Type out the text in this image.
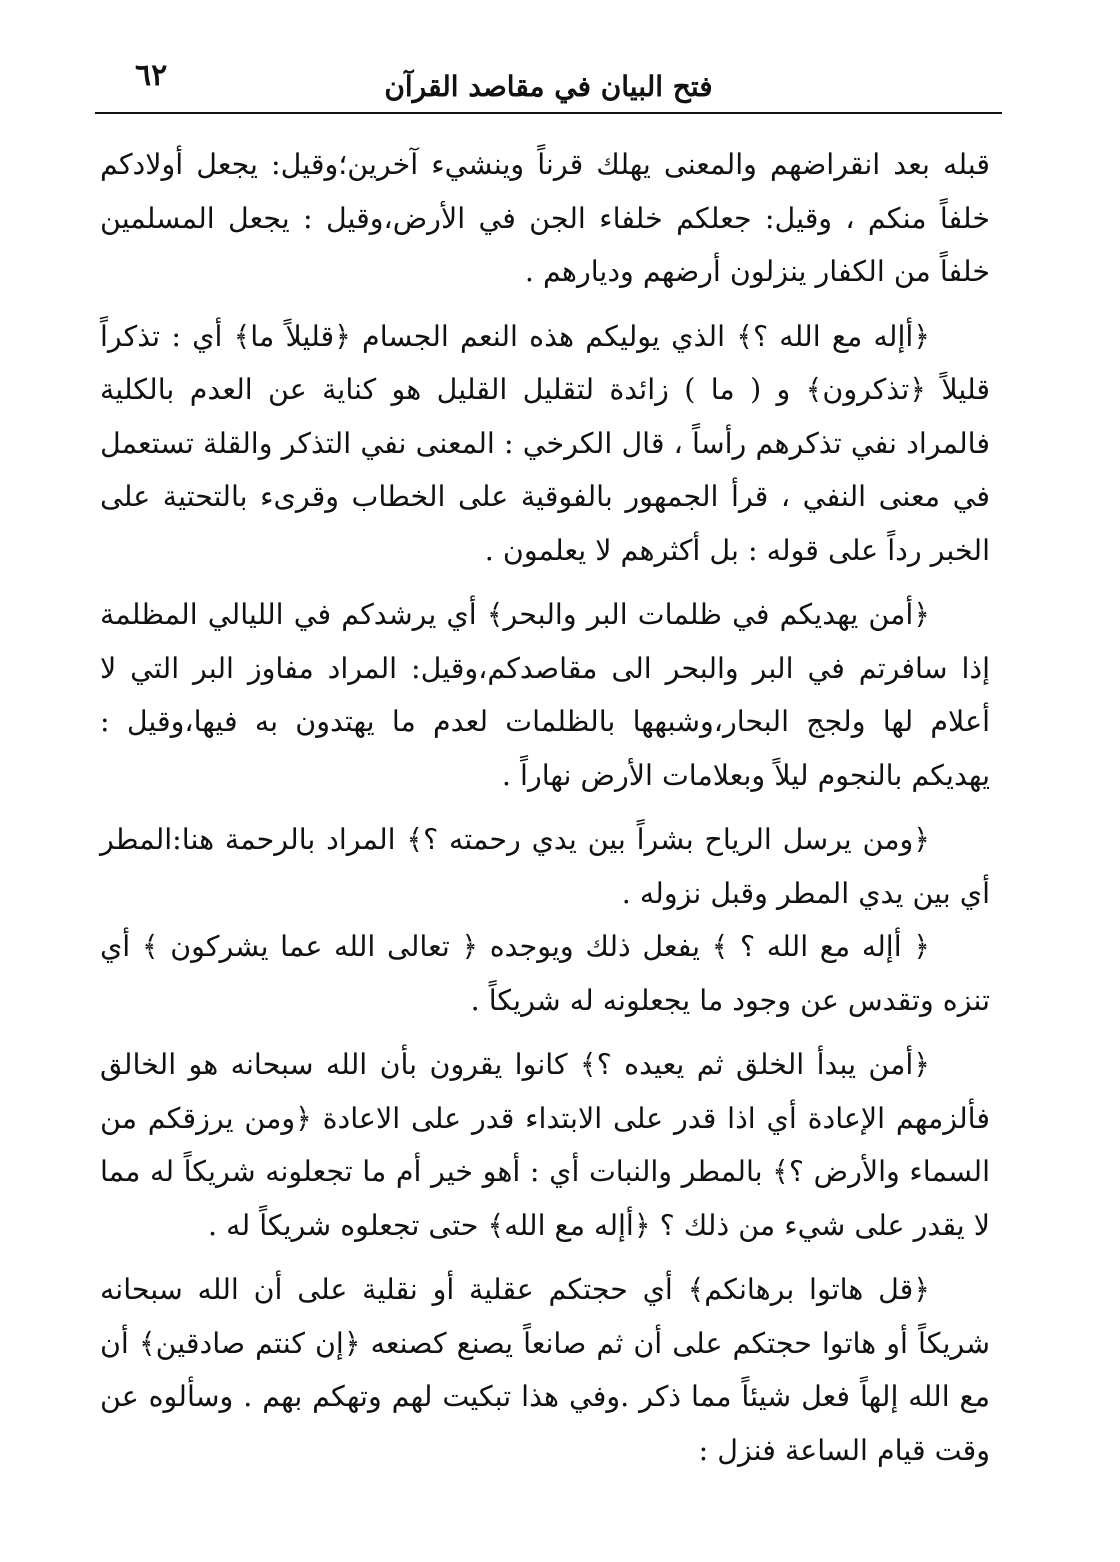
٦٢	فتح البيان في مقاصد القرآن

قبله بعد انقراضهم والمعنى يهلك قرناً وينشيء آخرين؛وقيل: يجعل أولادكم خلفاً منكم ، وقيل: جعلكم خلفاء الجن في الأرض،وقيل : يجعل المسلمين خلفاً من الكفار ينزلون أرضهم وديارهم .

﴿أإله مع الله ؟﴾ الذي يوليكم هذه النعم الجسام ﴿قليلاً ما﴾ أي : تذكراً قليلاً ﴿تذكرون﴾ و ( ما ) زائدة لتقليل القليل هو كناية عن العدم بالكلية فالمراد نفي تذكرهم رأساً ، قال الكرخي : المعنى نفي التذكر والقلة تستعمل في معنى النفي ، قرأ الجمهور بالفوقية على الخطاب وقرىء بالتحتية على الخبر رداً على قوله : بل أكثرهم لا يعلمون .

﴿أمن يهديكم في ظلمات البر والبحر﴾ أي يرشدكم في الليالي المظلمة إذا سافرتم في البر والبحر الى مقاصدكم،وقيل: المراد مفاوز البر التي لا أعلام لها ولجج البحار،وشبهها بالظلمات لعدم ما يهتدون به فيها،وقيل : يهديكم بالنجوم ليلاً وبعلامات الأرض نهاراً .

﴿ومن يرسل الرياح بشراً بين يدي رحمته ؟﴾ المراد بالرحمة هنا:المطر أي بين يدي المطر وقبل نزوله .

﴿ أإله مع الله ؟ ﴾ يفعل ذلك ويوجده ﴿ تعالى الله عما يشركون ﴾ أي تنزه وتقدس عن وجود ما يجعلونه له شريكاً .

﴿أمن يبدأ الخلق ثم يعيده ؟﴾ كانوا يقرون بأن الله سبحانه هو الخالق فألزمهم الإعادة أي اذا قدر على الابتداء قدر على الاعادة ﴿ومن يرزقكم من السماء والأرض ؟﴾ بالمطر والنبات أي : أهو خير أم ما تجعلونه شريكاً له مما لا يقدر على شيء من ذلك ؟ ﴿أإله مع الله﴾ حتى تجعلوه شريكاً له .

﴿قل هاتوا برهانكم﴾ أي حجتكم عقلية أو نقلية على أن الله سبحانه شريكاً أو هاتوا حجتكم على أن ثم صانعاً يصنع كصنعه ﴿إن كنتم صادقين﴾ أن مع الله إلهاً فعل شيئاً مما ذكر .وفي هذا تبكيت لهم وتهكم بهم . وسألوه عن وقت قيام الساعة فنزل :
